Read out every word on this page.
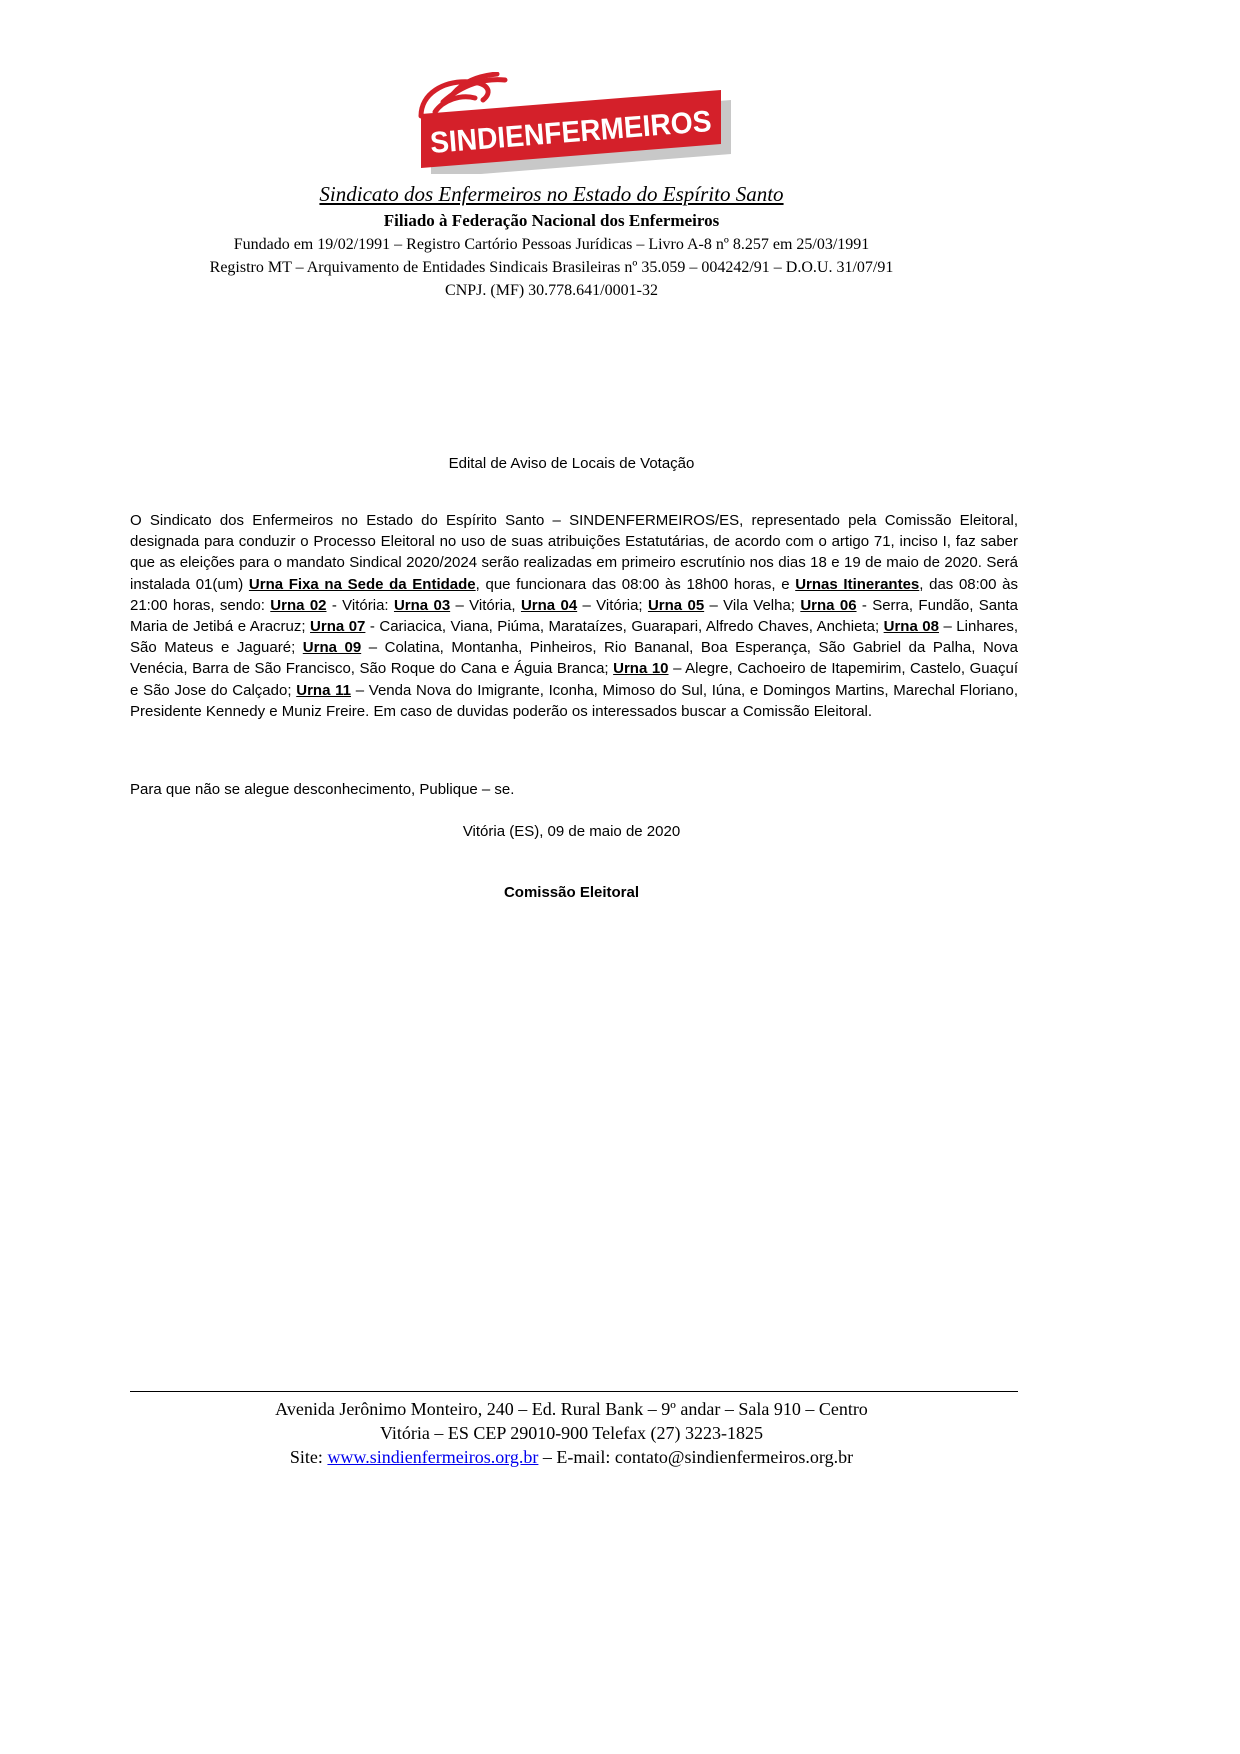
SINDIENFERMEIROS
Sindicato dos Enfermeiros no Estado do Espírito Santo
Filiado à Federação Nacional dos Enfermeiros
Fundado em 19/02/1991 – Registro Cartório Pessoas Jurídicas – Livro A-8 nº 8.257 em 25/03/1991
Registro MT – Arquivamento de Entidades Sindicais Brasileiras nº 35.059 – 004242/91 – D.O.U. 31/07/91
CNPJ. (MF) 30.778.641/0001-32
Edital de Aviso de Locais de Votação
O Sindicato dos Enfermeiros no Estado do Espírito Santo – SINDENFERMEIROS/ES, representado pela Comissão Eleitoral, designada para conduzir o Processo Eleitoral no uso de suas atribuições Estatutárias, de acordo com o artigo 71, inciso I, faz saber que as eleições para o mandato Sindical 2020/2024 serão realizadas em primeiro escrutínio nos dias 18 e 19 de maio de 2020. Será instalada 01(um) Urna Fixa na Sede da Entidade, que funcionara das 08:00 às 18h00 horas, e Urnas Itinerantes, das 08:00 às 21:00 horas, sendo: Urna 02 - Vitória: Urna 03 – Vitória, Urna 04 – Vitória; Urna 05 – Vila Velha; Urna 06 - Serra, Fundão, Santa Maria de Jetibá e Aracruz; Urna 07 - Cariacica, Viana, Piúma, Marataízes, Guarapari, Alfredo Chaves, Anchieta; Urna 08 – Linhares, São Mateus e Jaguaré; Urna 09 – Colatina, Montanha, Pinheiros, Rio Bananal, Boa Esperança, São Gabriel da Palha, Nova Venécia, Barra de São Francisco, São Roque do Cana e Águia Branca; Urna 10 – Alegre, Cachoeiro de Itapemirim, Castelo, Guaçuí e São Jose do Calçado; Urna 11 – Venda Nova do Imigrante, Iconha, Mimoso do Sul, Iúna, e Domingos Martins, Marechal Floriano, Presidente Kennedy e Muniz Freire. Em caso de duvidas poderão os interessados buscar a Comissão Eleitoral.
Para que não se alegue desconhecimento, Publique – se.
Vitória (ES), 09 de maio de 2020
Comissão Eleitoral
Avenida Jerônimo Monteiro, 240 – Ed. Rural Bank – 9º andar – Sala 910 – Centro
Vitória – ES CEP 29010-900 Telefax (27) 3223-1825
Site: www.sindienfermeiros.org.br – E-mail: contato@sindienfermeiros.org.br
